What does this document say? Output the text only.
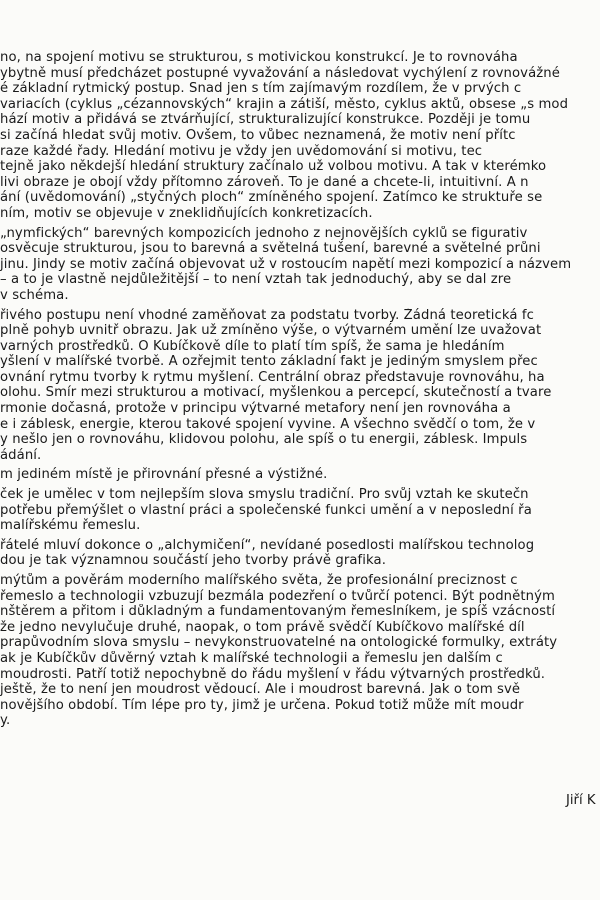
no, na spojení motivu se strukturou, s motivickou konstrukcí. Je to rovnováha
ybytně musí předcházet postupné vyvažování a následovat vychýlení z rovnovážné
é základní rytmický postup. Snad jen s tím zajímavým rozdílem, že v prvých c
variacích (cyklus „cézannovských“ krajin a zátiší, město, cyklus aktů, obsese „s mod
hází motiv a přidává se ztvárňující, strukturalizující konstrukce. Později je tomu
si začíná hledat svůj motiv. Ovšem, to vůbec neznamená, že motiv není přítc
raze každé řady. Hledání motivu je vždy jen uvědomování si motivu, tec
tejně jako někdejší hledání struktury začínalo už volbou motivu. A tak v kterémko
livi obraze je obojí vždy přítomno zároveň. To je dané a chcete-li, intuitivní. A n
ání (uvědomování) „styčných ploch“ zmíněného spojení. Zatímco ke struktuře se
ním, motiv se objevuje v zneklidňujících konkretizacích.
„nymfických“ barevných kompozicích jednoho z nejnovějších cyklů se figurativ
osvěcuje strukturou, jsou to barevná a světelná tušení, barevné a světelné průni
jinu. Jindy se motiv začíná objevovat už v rostoucím napětí mezi kompozicí a názvem
– a to je vlastně nejdůležitější – to není vztah tak jednoduchý, aby se dal zre
v schéma.
řivého postupu není vhodné zaměňovat za podstatu tvorby. Žádná teoretická fc
plně pohyb uvnitř obrazu. Jak už zmíněno výše, o výtvarném umění lze uvažovat
varných prostředků. O Kubíčkově díle to platí tím spíš, že sama je hledáním
yšlení v malířské tvorbě. A ozřejmit tento základní fakt je jediným smyslem přec
ovnání rytmu tvorby k rytmu myšlení. Centrální obraz představuje rovnováhu, ha
olohu. Smír mezi strukturou a motivací, myšlenkou a percepcí, skutečností a tvare
rmonie dočasná, protože v principu výtvarné metafory není jen rovnováha a
e i záblesk, energie, kterou takové spojení vyvine. A všechno svědčí o tom, že v
y nešlo jen o rovnováhu, klidovou polohu, ale spíš o tu energii, záblesk. Impuls
ádání.
m jediném místě je přirovnání přesné a výstižné.
ček je umělec v tom nejlepším slova smyslu tradiční. Pro svůj vztah ke skutečn
potřebu přemýšlet o vlastní práci a společenské funkci umění a v neposlední řa
malířskému řemeslu.
řátelé mluví dokonce o „alchymičení“, nevídané posedlosti malířskou technolog
dou je tak významnou součástí jeho tvorby právě grafika.
mýtům a pověrám moderního malířského světa, že profesionální preciznost c
řemeslo a technologii vzbuzují bezmála podezření o tvůrčí potenci. Být podnětným
nštěrem a přitom i důkladným a fundamentovaným řemeslníkem, je spíš vzácností
že jedno nevylučuje druhé, naopak, o tom právě svědčí Kubíčkovo malířské díl
prapůvodním slova smyslu – nevykonstruovatelné na ontologické formulky, extráty
ak je Kubíčkův důvěrný vztah k malířské technologii a řemeslu jen dalším c
moudrosti. Patří totiž nepochybně do řádu myšlení v řádu výtvarných prostředků.
ještě, že to není jen moudrost vědoucí. Ale i moudrost barevná. Jak o tom svě
novějšího období. Tím lépe pro ty, jimž je určena. Pokud totiž může mít moudr
y.
Jiří K
